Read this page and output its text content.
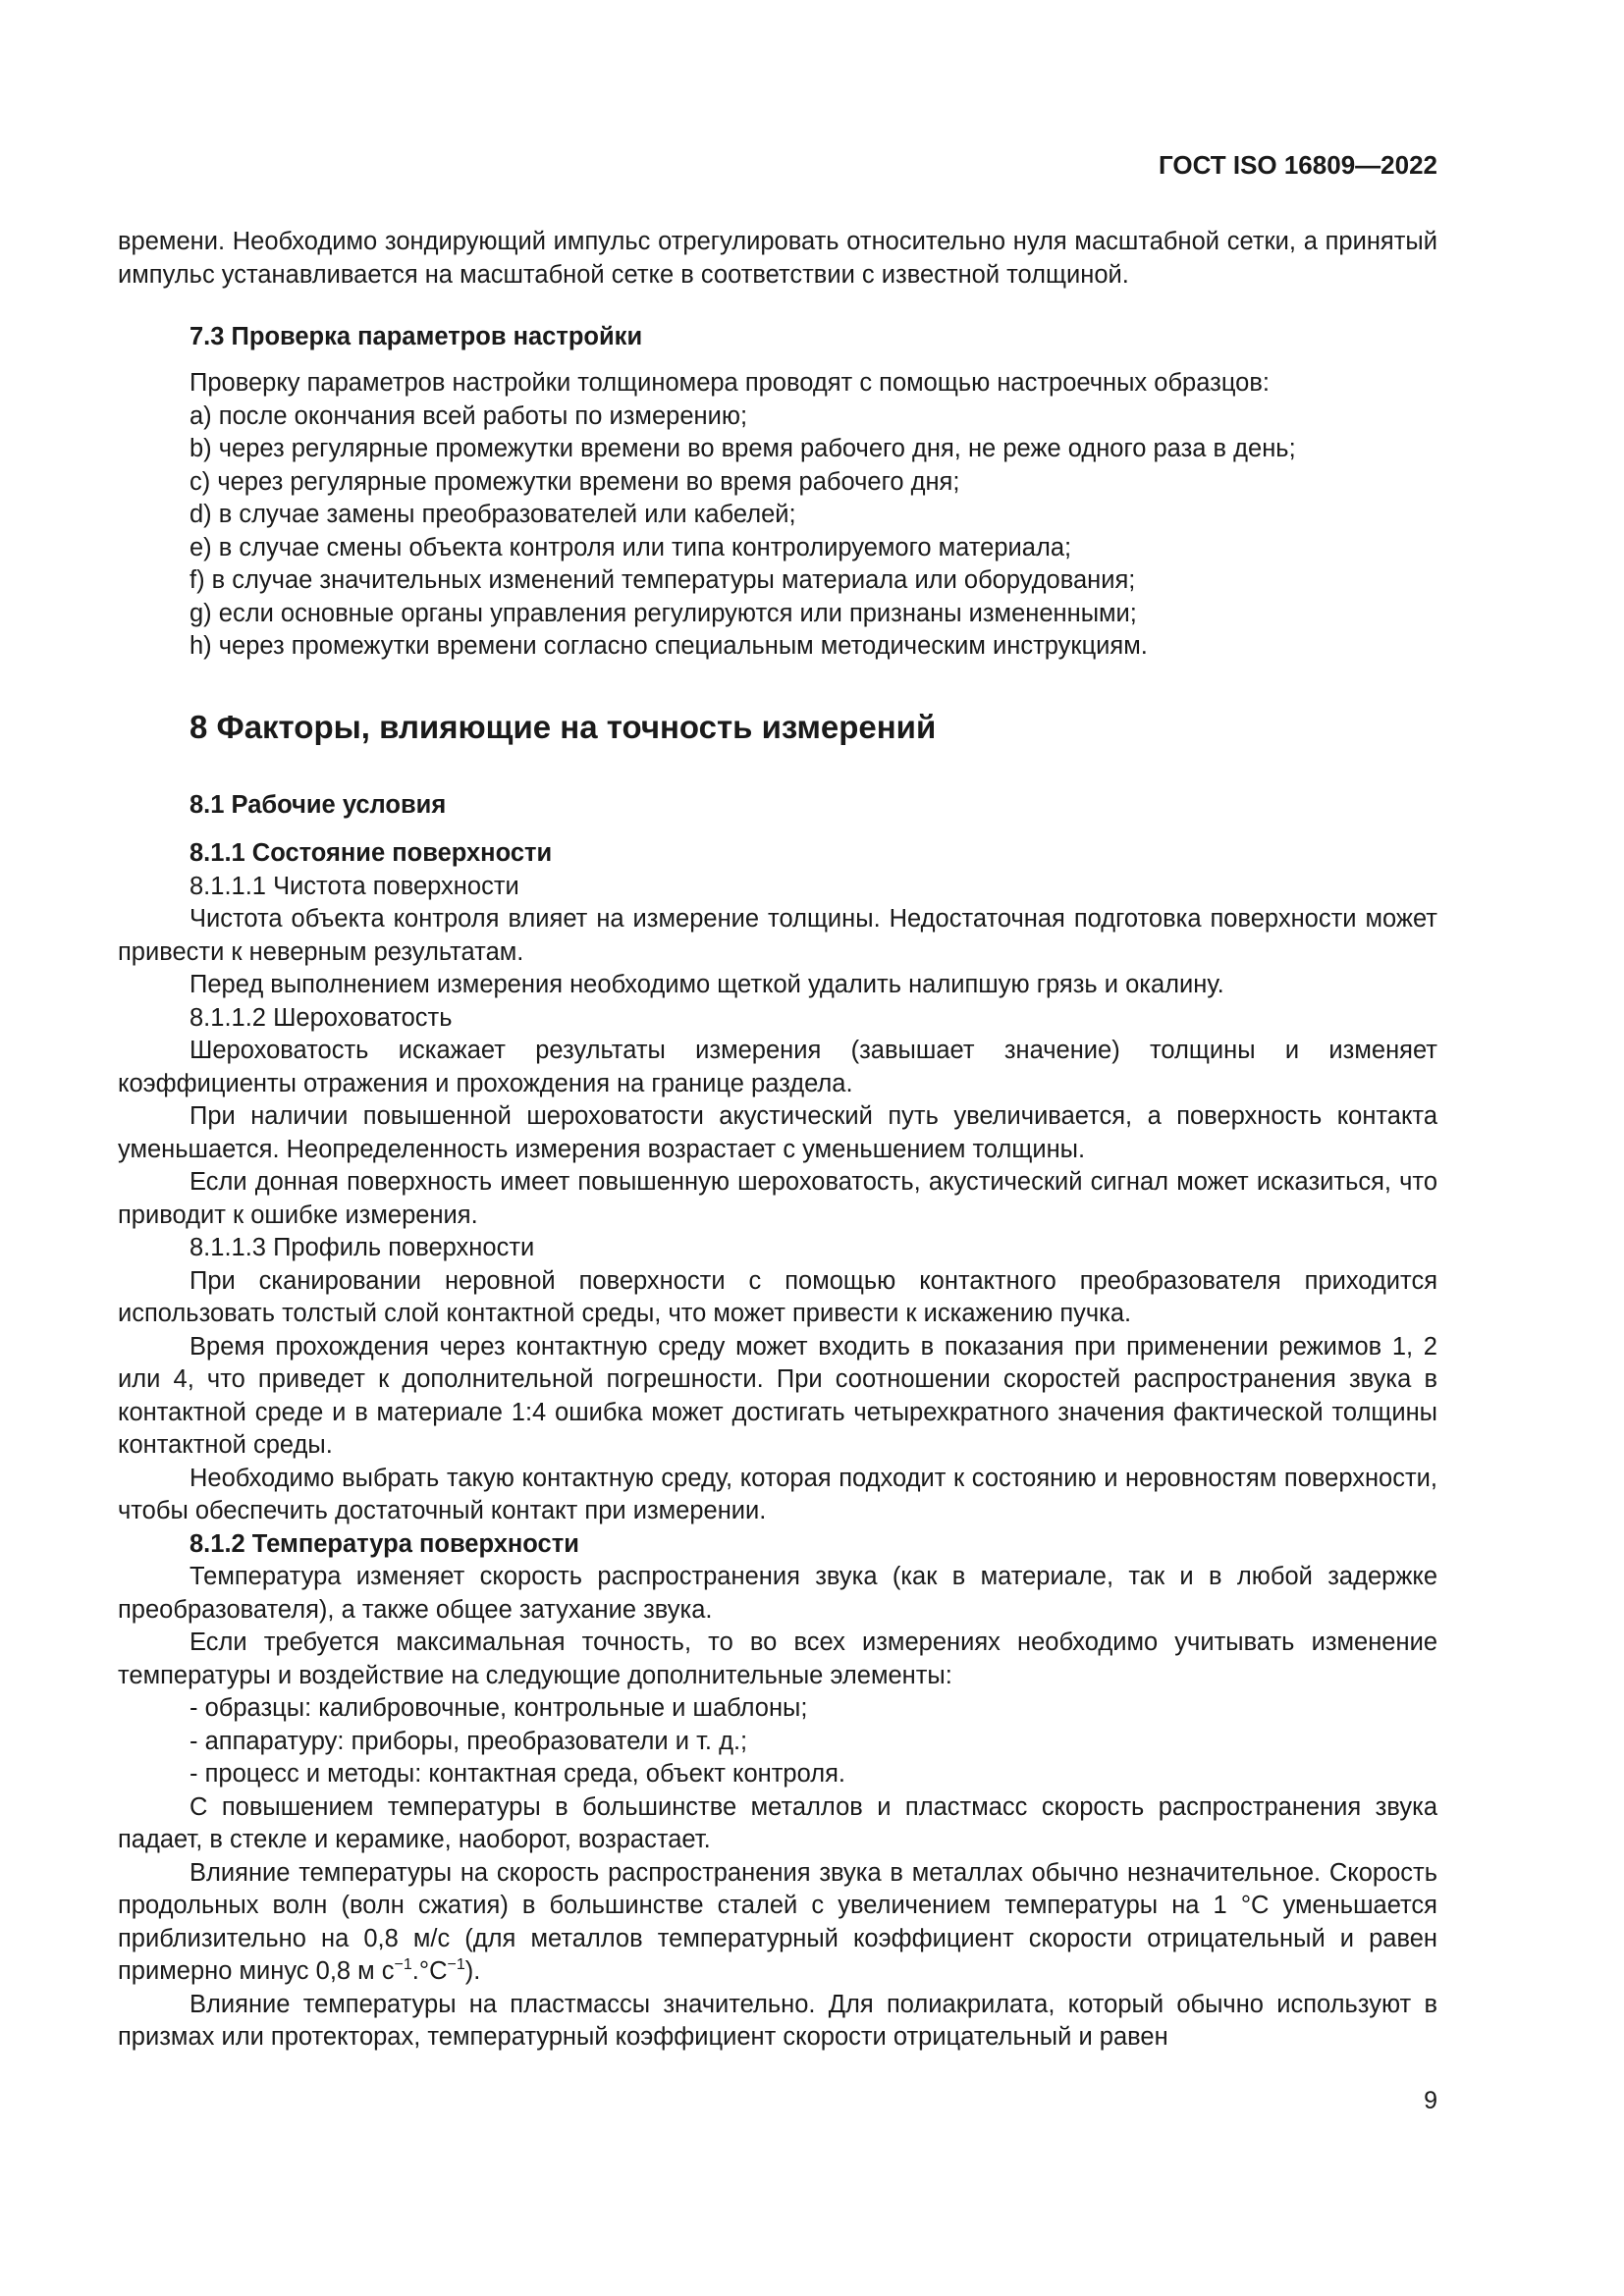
ГОСТ ISO 16809—2022

времени. Необходимо зондирующий импульс отрегулировать относительно нуля масштабной сетки, а принятый импульс устанавливается на масштабной сетке в соответствии с известной толщиной.

7.3 Проверка параметров настройки

Проверку параметров настройки толщиномера проводят с помощью настроечных образцов:

a) после окончания всей работы по измерению;
b) через регулярные промежутки времени во время рабочего дня, не реже одного раза в день;
c) через регулярные промежутки времени во время рабочего дня;
d) в случае замены преобразователей или кабелей;
e) в случае смены объекта контроля или типа контролируемого материала;
f) в случае значительных изменений температуры материала или оборудования;
g) если основные органы управления регулируются или признаны измененными;
h) через промежутки времени согласно специальным методическим инструкциям.

8 Факторы, влияющие на точность измерений

8.1 Рабочие условия

8.1.1 Состояние поверхности

8.1.1.1 Чистота поверхности

Чистота объекта контроля влияет на измерение толщины. Недостаточная подготовка поверхности может привести к неверным результатам.

Перед выполнением измерения необходимо щеткой удалить налипшую грязь и окалину.

8.1.1.2 Шероховатость

Шероховатость искажает результаты измерения (завышает значение) толщины и изменяет коэффициенты отражения и прохождения на границе раздела.

При наличии повышенной шероховатости акустический путь увеличивается, а поверхность контакта уменьшается. Неопределенность измерения возрастает с уменьшением толщины.

Если донная поверхность имеет повышенную шероховатость, акустический сигнал может исказиться, что приводит к ошибке измерения.

8.1.1.3 Профиль поверхности

При сканировании неровной поверхности с помощью контактного преобразователя приходится использовать толстый слой контактной среды, что может привести к искажению пучка.

Время прохождения через контактную среду может входить в показания при применении режимов 1, 2 или 4, что приведет к дополнительной погрешности. При соотношении скоростей распространения звука в контактной среде и в материале 1:4 ошибка может достигать четырехкратного значения фактической толщины контактной среды.

Необходимо выбрать такую контактную среду, которая подходит к состоянию и неровностям поверхности, чтобы обеспечить достаточный контакт при измерении.

8.1.2 Температура поверхности

Температура изменяет скорость распространения звука (как в материале, так и в любой задержке преобразователя), а также общее затухание звука.

Если требуется максимальная точность, то во всех измерениях необходимо учитывать изменение температуры и воздействие на следующие дополнительные элементы:

- образцы: калибровочные, контрольные и шаблоны;
- аппаратуру: приборы, преобразователи и т. д.;
- процесс и методы: контактная среда, объект контроля.

С повышением температуры в большинстве металлов и пластмасс скорость распространения звука падает, в стекле и керамике, наоборот, возрастает.

Влияние температуры на скорость распространения звука в металлах обычно незначительное. Скорость продольных волн (волн сжатия) в большинстве сталей с увеличением температуры на 1 °С уменьшается приблизительно на 0,8 м/с (для металлов температурный коэффициент скорости отрицательный и равен примерно минус 0,8 м $с^{-1}.^\circ С^{-1}$).

Влияние температуры на пластмассы значительно. Для полиакрилата, который обычно используют в призмах или протекторах, температурный коэффициент скорости отрицательный и равен

9
